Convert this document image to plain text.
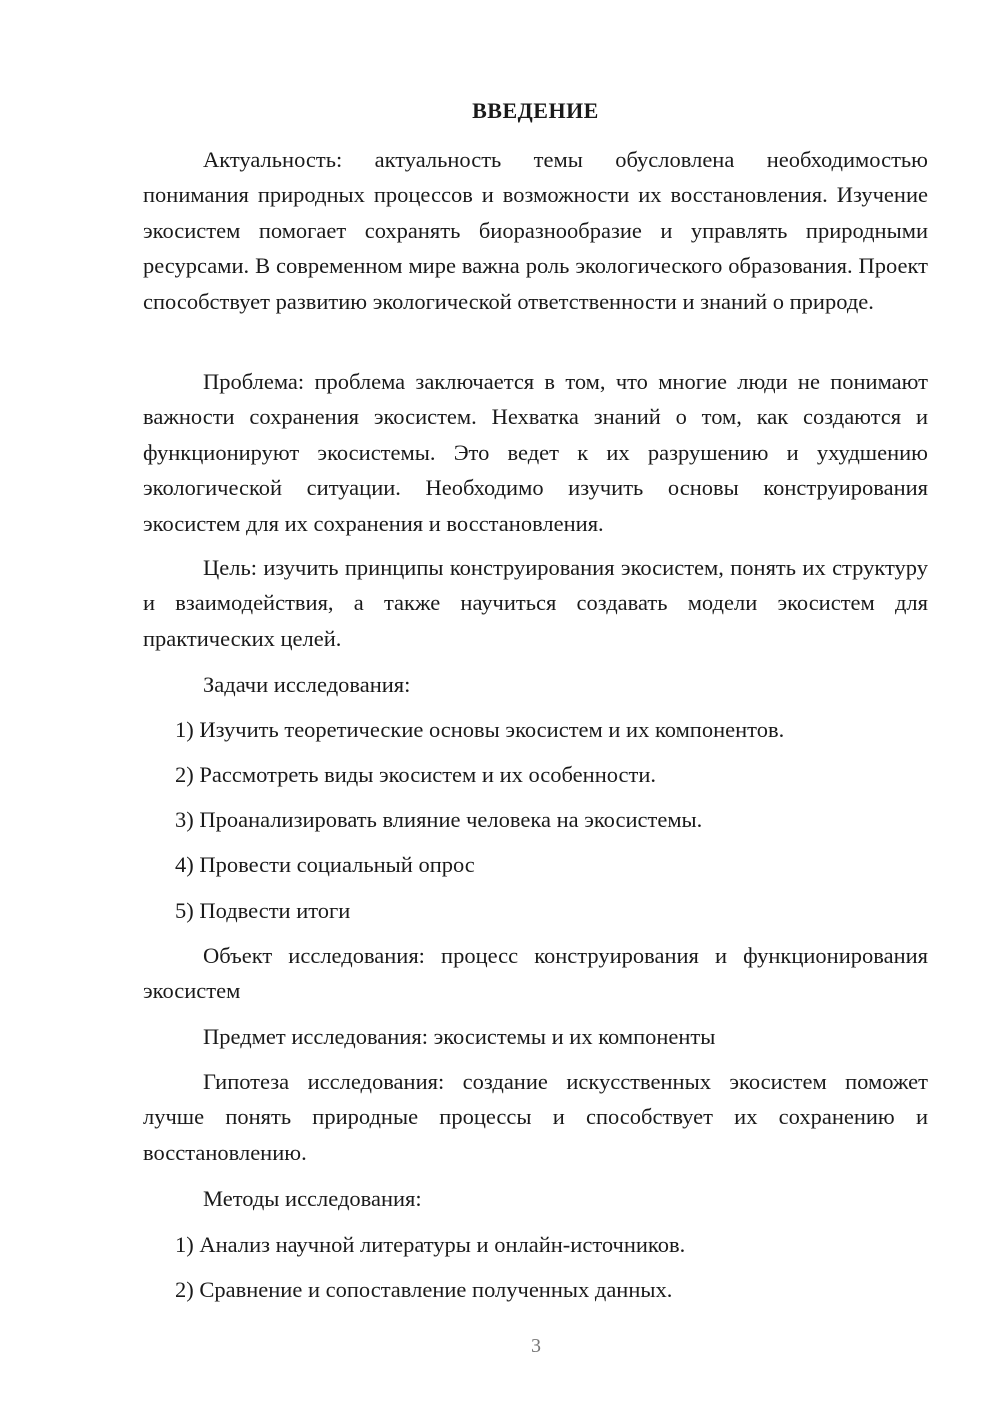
ВВЕДЕНИЕ

Актуальность: актуальность темы обусловлена необходимостью понимания природных процессов и возможности их восстановления. Изучение экосистем помогает сохранять биоразнообразие и управлять природными ресурсами. В современном мире важна роль экологического образования. Проект способствует развитию экологической ответственности и знаний о природе.

Проблема: проблема заключается в том, что многие люди не понимают важности сохранения экосистем. Нехватка знаний о том, как создаются и функционируют экосистемы. Это ведет к их разрушению и ухудшению экологической ситуации. Необходимо изучить основы конструирования экосистем для их сохранения и восстановления.

Цель: изучить принципы конструирования экосистем, понять их структуру и взаимодействия, а также научиться создавать модели экосистем для практических целей.

Задачи исследования:
1) Изучить теоретические основы экосистем и их компонентов.
2) Рассмотреть виды экосистем и их особенности.
3) Проанализировать влияние человека на экосистемы.
4) Провести социальный опрос
5) Подвести итоги

Объект исследования: процесс конструирования и функционирования экосистем

Предмет исследования: экосистемы и их компоненты

Гипотеза исследования: создание искусственных экосистем поможет лучше понять природные процессы и способствует их сохранению и восстановлению.

Методы исследования:
1) Анализ научной литературы и онлайн-источников.
2) Сравнение и сопоставление полученных данных.
3
